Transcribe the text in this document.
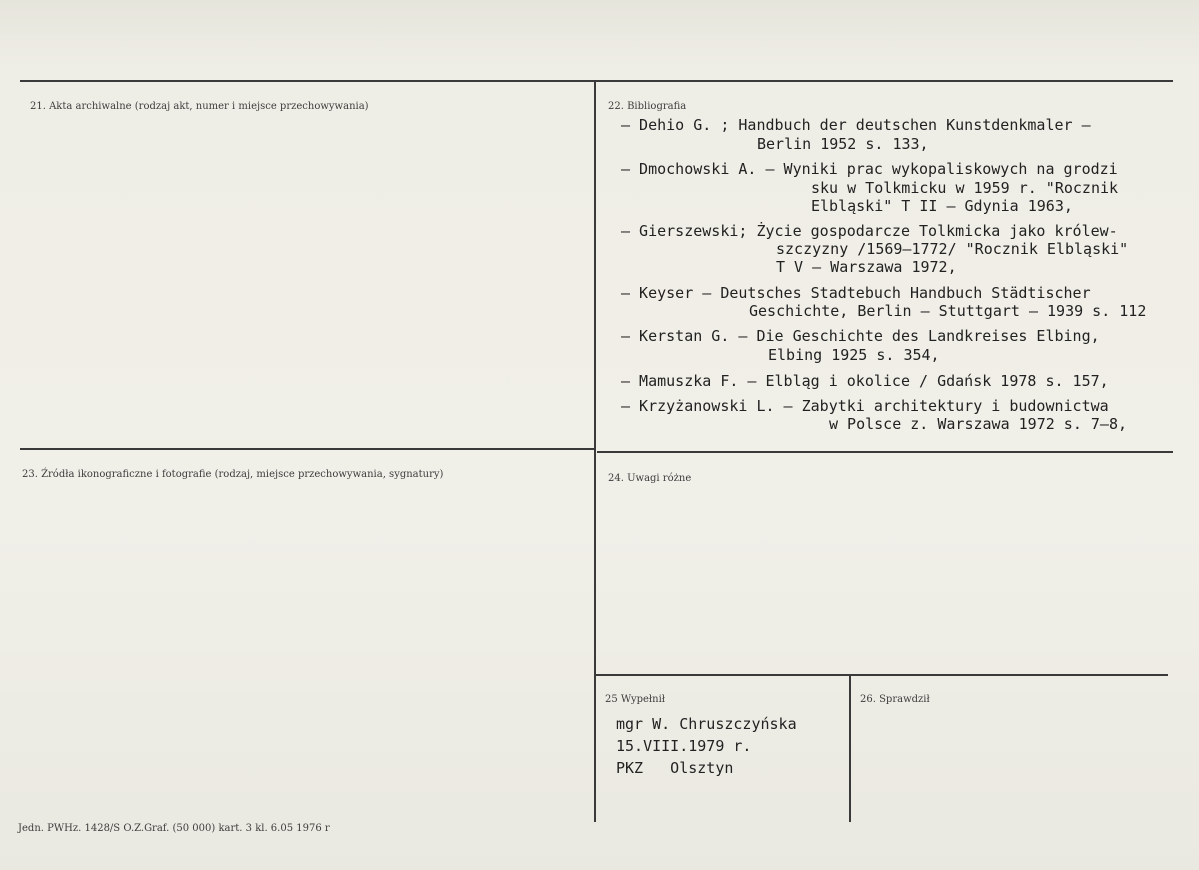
21. Akta archiwalne (rodzaj akt, numer i miejsce przechowywania)	22. Bibliografia
– Dehio G. ; Handbuch der deutschen Kunstdenkmaler –
Berlin 1952 s. 133,
– Dmochowski A. – Wyniki prac wykopaliskowych na grodzi
sku w Tolkmicku w 1959 r. "Rocznik
Elbląski" T II – Gdynia 1963,
– Gierszewski; Życie gospodarcze Tolkmicka jako królew-
szczyzny /1569–1772/ "Rocznik Elbląski"
T V – Warszawa 1972,
– Keyser – Deutsches Stadtebuch Handbuch Städtischer
Geschichte, Berlin – Stuttgart – 1939 s. 112
– Kerstan G. – Die Geschichte des Landkreises Elbing,
Elbing 1925 s. 354,
– Mamuszka F. – Elbląg i okolice / Gdańsk 1978 s. 157,
– Krzyżanowski L. – Zabytki architektury i budownictwa
w Polsce z. Warszawa 1972 s. 7–8,
23. Źródła ikonograficzne i fotografie (rodzaj, miejsce przechowywania, sygnatury)	24. Uwagi różne
25 Wypełnił
mgr W. Chruszczyńska
15.VIII.1979 r.
PKZ   Olsztyn
26. Sprawdził
Jedn. PWHz. 1428/S O.Z.Graf. (50 000) kart. 3 kl. 6.05 1976 r
